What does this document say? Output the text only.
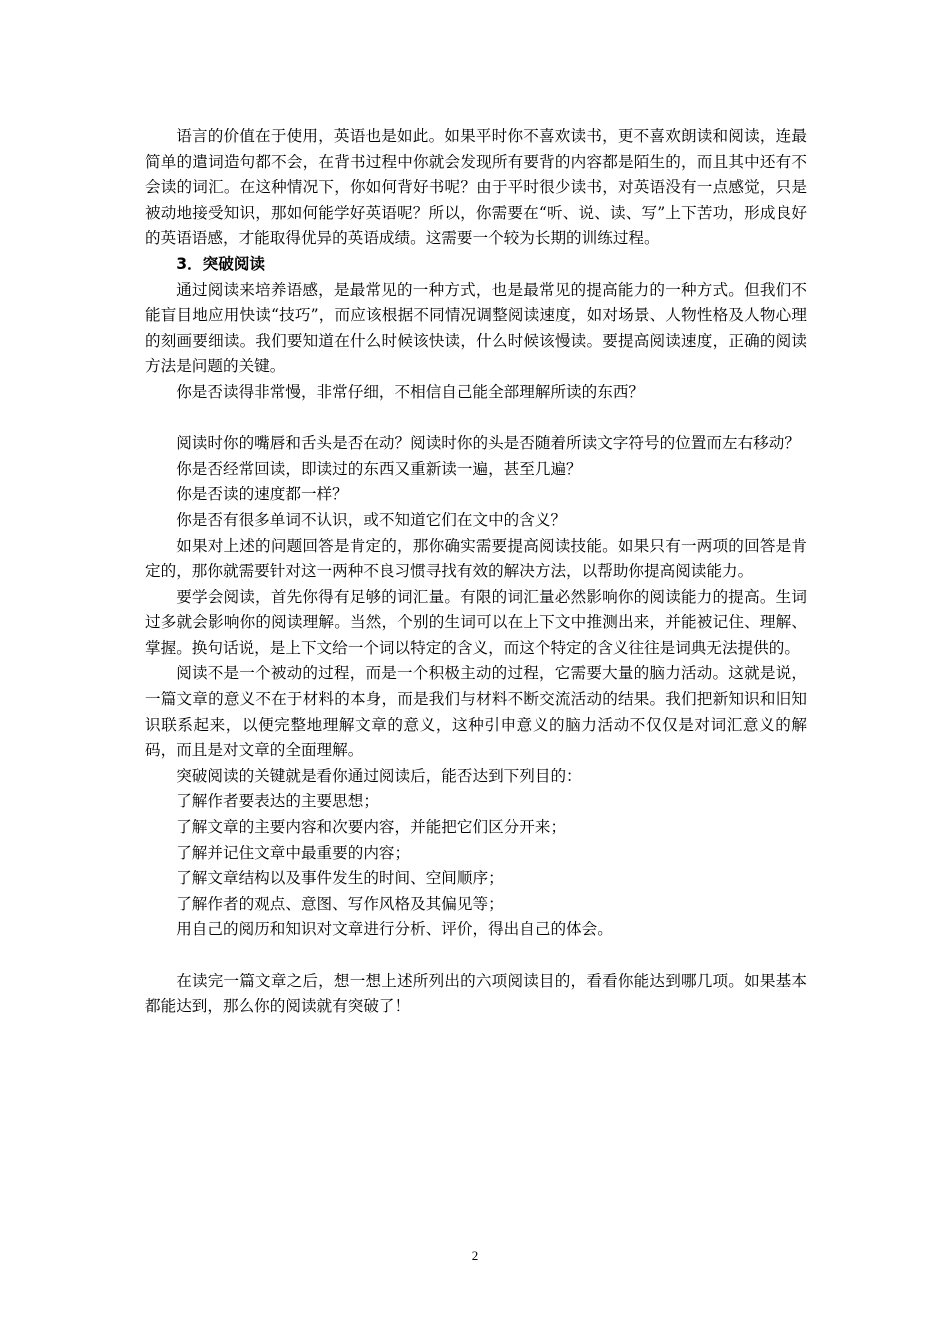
语言的价值在于使用，英语也是如此。如果平时你不喜欢读书，更不喜欢朗读和阅读，连最简单的遣词造句都不会，在背书过程中你就会发现所有要背的内容都是陌生的，而且其中还有不会读的词汇。在这种情况下，你如何背好书呢？由于平时很少读书，对英语没有一点感觉，只是被动地接受知识，那如何能学好英语呢？所以，你需要在“听、说、读、写”上下苦功，形成良好的英语语感，才能取得优异的英语成绩。这需要一个较为长期的训练过程。

3．突破阅读

通过阅读来培养语感，是最常见的一种方式，也是最常见的提高能力的一种方式。但我们不能盲目地应用快读“技巧”，而应该根据不同情况调整阅读速度，如对场景、人物性格及人物心理的刻画要细读。我们要知道在什么时候该快读，什么时候该慢读。要提高阅读速度，正确的阅读方法是问题的关键。

你是否读得非常慢，非常仔细，不相信自己能全部理解所读的东西？

阅读时你的嘴唇和舌头是否在动？阅读时你的头是否随着所读文字符号的位置而左右移动？

你是否经常回读，即读过的东西又重新读一遍，甚至几遍？

你是否读的速度都一样？

你是否有很多单词不认识，或不知道它们在文中的含义？

如果对上述的问题回答是肯定的，那你确实需要提高阅读技能。如果只有一两项的回答是肯定的，那你就需要针对这一两种不良习惯寻找有效的解决方法，以帮助你提高阅读能力。

要学会阅读，首先你得有足够的词汇量。有限的词汇量必然影响你的阅读能力的提高。生词过多就会影响你的阅读理解。当然，个别的生词可以在上下文中推测出来，并能被记住、理解、掌握。换句话说，是上下文给一个词以特定的含义，而这个特定的含义往往是词典无法提供的。

阅读不是一个被动的过程，而是一个积极主动的过程，它需要大量的脑力活动。这就是说，一篇文章的意义不在于材料的本身，而是我们与材料不断交流活动的结果。我们把新知识和旧知识联系起来，以便完整地理解文章的意义，这种引申意义的脑力活动不仅仅是对词汇意义的解码，而且是对文章的全面理解。

突破阅读的关键就是看你通过阅读后，能否达到下列目的：

了解作者要表达的主要思想；

了解文章的主要内容和次要内容，并能把它们区分开来；

了解并记住文章中最重要的内容；

了解文章结构以及事件发生的时间、空间顺序；

了解作者的观点、意图、写作风格及其偏见等；

用自己的阅历和知识对文章进行分析、评价，得出自己的体会。

在读完一篇文章之后，想一想上述所列出的六项阅读目的，看看你能达到哪几项。如果基本都能达到，那么你的阅读就有突破了！

2
